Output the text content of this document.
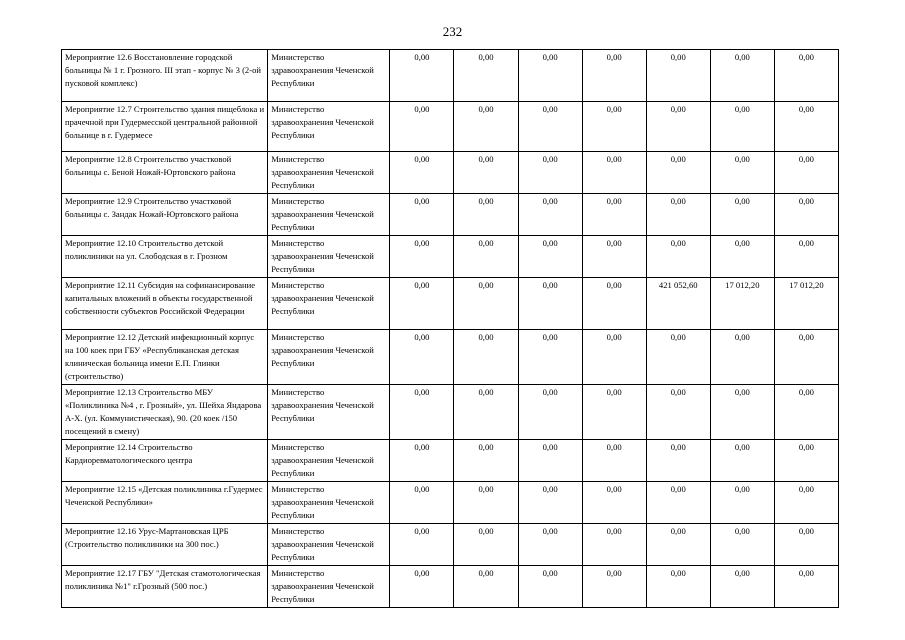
232
Мероприятие 12.6 Восстановление городской больницы № 1 г. Грозного. III этап - корпус № 3 (2-ой пусковой комплекс)	Министерство здравоохранения Чеченской Республики	0,00	0,00	0,00	0,00	0,00	0,00	0,00
Мероприятие 12.7 Строительство здания пищеблока и прачечной при Гудермесской центральной районной больнице в г. Гудермесе	Министерство здравоохранения Чеченской Республики	0,00	0,00	0,00	0,00	0,00	0,00	0,00
Мероприятие 12.8 Строительство участковой больницы с. Беной Ножай-Юртовского района	Министерство здравоохранения Чеченской Республики	0,00	0,00	0,00	0,00	0,00	0,00	0,00
Мероприятие 12.9 Строительство участковой больницы с. Зандак Ножай-Юртовского района	Министерство здравоохранения Чеченской Республики	0,00	0,00	0,00	0,00	0,00	0,00	0,00
Мероприятие 12.10 Строительство детской поликлиники на ул. Слободская в г. Грозном	Министерство здравоохранения Чеченской Республики	0,00	0,00	0,00	0,00	0,00	0,00	0,00
Мероприятие 12.11 Субсидия на софинансирование капитальных вложений в объекты государственной собственности субъектов Российской Федерации	Министерство здравоохранения Чеченской Республики	0,00	0,00	0,00	0,00	421 052,60	17 012,20	17 012,20
Мероприятие 12.12 Детский инфекционный корпус на 100 коек при ГБУ «Республиканская детская клиническая больница имени Е.П. Глинки (строительство)	Министерство здравоохранения Чеченской Республики	0,00	0,00	0,00	0,00	0,00	0,00	0,00
Мероприятие 12.13 Строительство МБУ «Поликлиника №4 , г. Грозный», ул. Шейха Яндарова А-Х. (ул. Коммунистическая), 90. (20 коек /150 посещений в смену)	Министерство здравоохранения Чеченской Республики	0,00	0,00	0,00	0,00	0,00	0,00	0,00
Мероприятие 12.14 Строительство Кардиоревматологического центра	Министерство здравоохранения Чеченской Республики	0,00	0,00	0,00	0,00	0,00	0,00	0,00
Мероприятие 12.15 «Детская поликлиника г.Гудермес Чеченской Республики»	Министерство здравоохранения Чеченской Республики	0,00	0,00	0,00	0,00	0,00	0,00	0,00
Мероприятие 12.16 Урус-Мартановская ЦРБ (Строительство поликлиники на 300 пос.)	Министерство здравоохранения Чеченской Республики	0,00	0,00	0,00	0,00	0,00	0,00	0,00
Мероприятие 12.17 ГБУ "Детская стамотологическая поликлиника №1" г.Грозный (500 пос.)	Министерство здравоохранения Чеченской Республики	0,00	0,00	0,00	0,00	0,00	0,00	0,00
